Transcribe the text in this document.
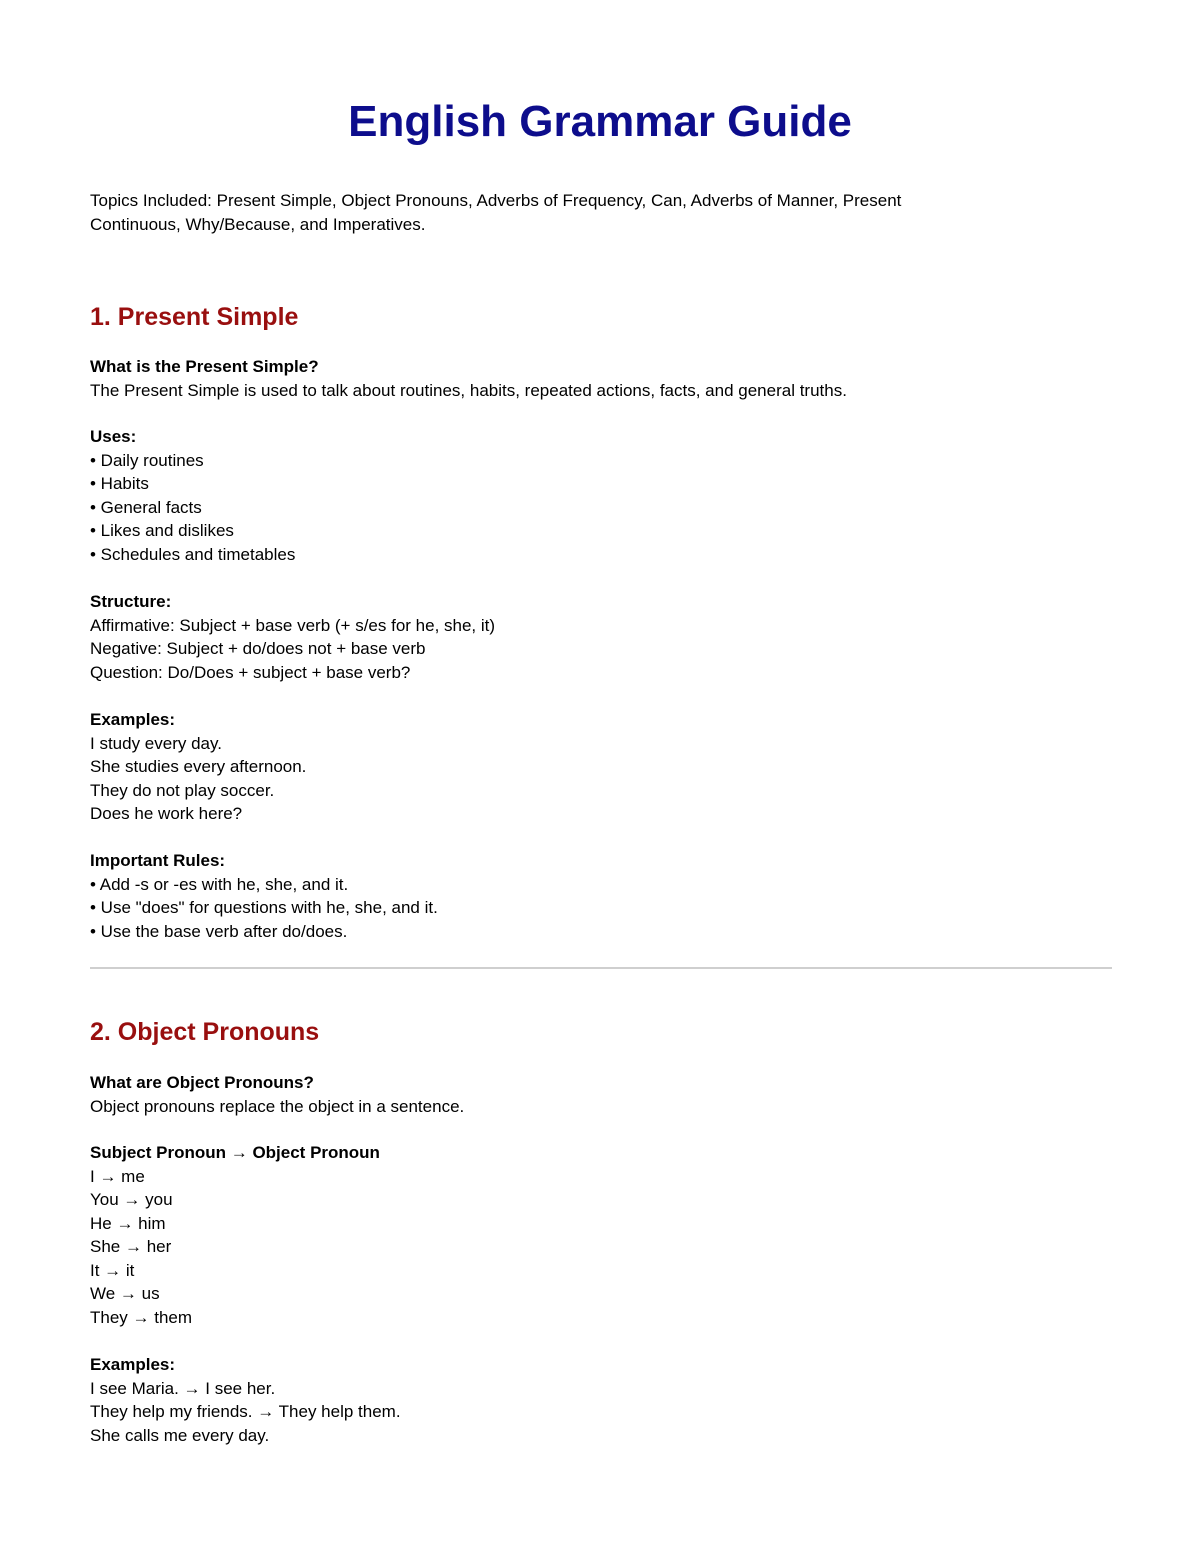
English Grammar Guide

Topics Included: Present Simple, Object Pronouns, Adverbs of Frequency, Can, Adverbs of Manner, Present
Continuous, Why/Because, and Imperatives.

1. Present Simple
What is the Present Simple?
The Present Simple is used to talk about routines, habits, repeated actions, facts, and general truths.
Uses:
• Daily routines
• Habits
• General facts
• Likes and dislikes
• Schedules and timetables
Structure:
Affirmative: Subject + base verb (+ s/es for he, she, it)
Negative: Subject + do/does not + base verb
Question: Do/Does + subject + base verb?
Examples:
I study every day.
She studies every afternoon.
They do not play soccer.
Does he work here?
Important Rules:
• Add -s or -es with he, she, and it.
• Use "does" for questions with he, she, and it.
• Use the base verb after do/does.
2. Object Pronouns
What are Object Pronouns?
Object pronouns replace the object in a sentence.
Subject Pronoun → Object Pronoun
I → me
You → you
He → him
She → her
It → it
We → us
They → them
Examples:
I see Maria. → I see her.
They help my friends. → They help them.
She calls me every day.
